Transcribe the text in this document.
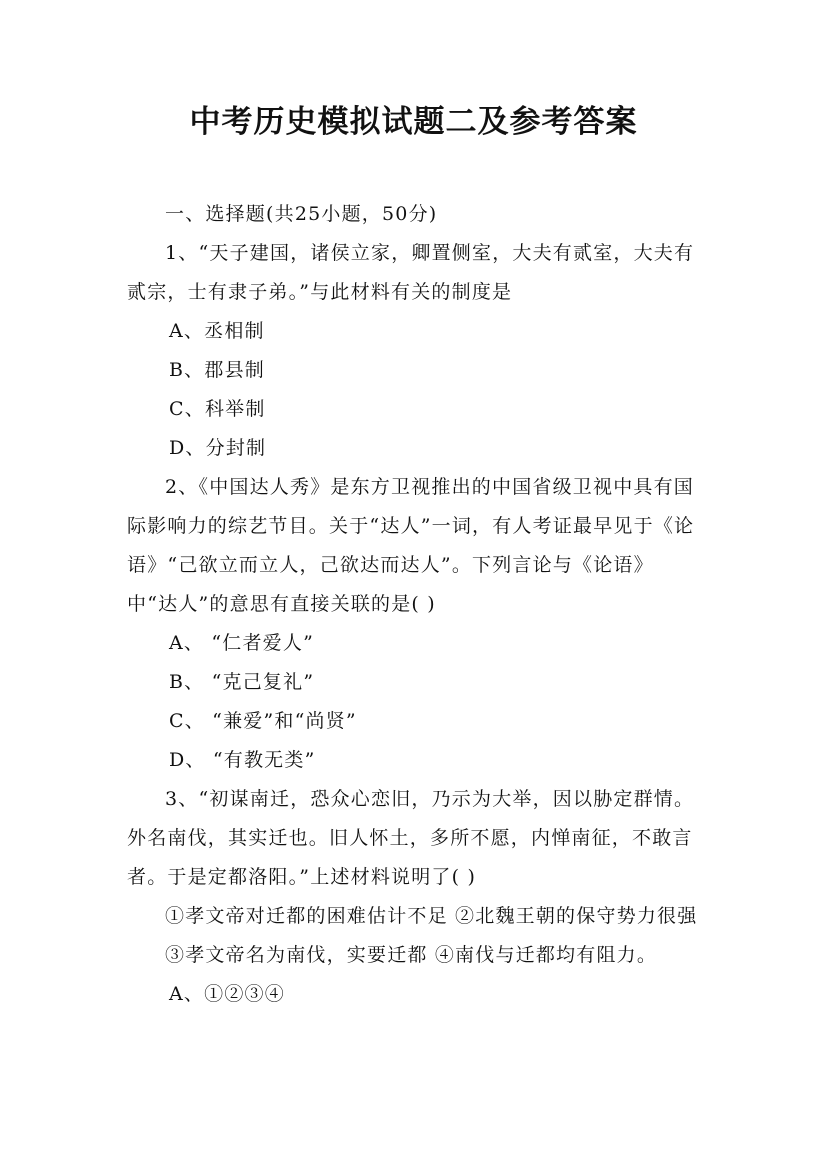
中考历史模拟试题二及参考答案

一、选择题(共25小题，50分)

1、“天子建国，诸侯立家，卿置侧室，大夫有贰室，大夫有贰宗，士有隶子弟。”与此材料有关的制度是

A、丞相制

B、郡县制

C、科举制

D、分封制

2、《中国达人秀》是东方卫视推出的中国省级卫视中具有国际影响力的综艺节目。关于“达人”一词，有人考证最早见于《论语》“己欲立而立人，己欲达而达人”。下列言论与《论语》中“达人”的意思有直接关联的是( )

A、 “仁者爱人”

B、 “克己复礼”

C、 “兼爱”和“尚贤”

D、 “有教无类”

3、“初谋南迁，恐众心恋旧，乃示为大举，因以胁定群情。外名南伐，其实迁也。旧人怀土，多所不愿，内惮南征，不敢言者。于是定都洛阳。”上述材料说明了( )

①孝文帝对迁都的困难估计不足 ②北魏王朝的保守势力很强

③孝文帝名为南伐，实要迁都 ④南伐与迁都均有阻力。

A、①②③④
